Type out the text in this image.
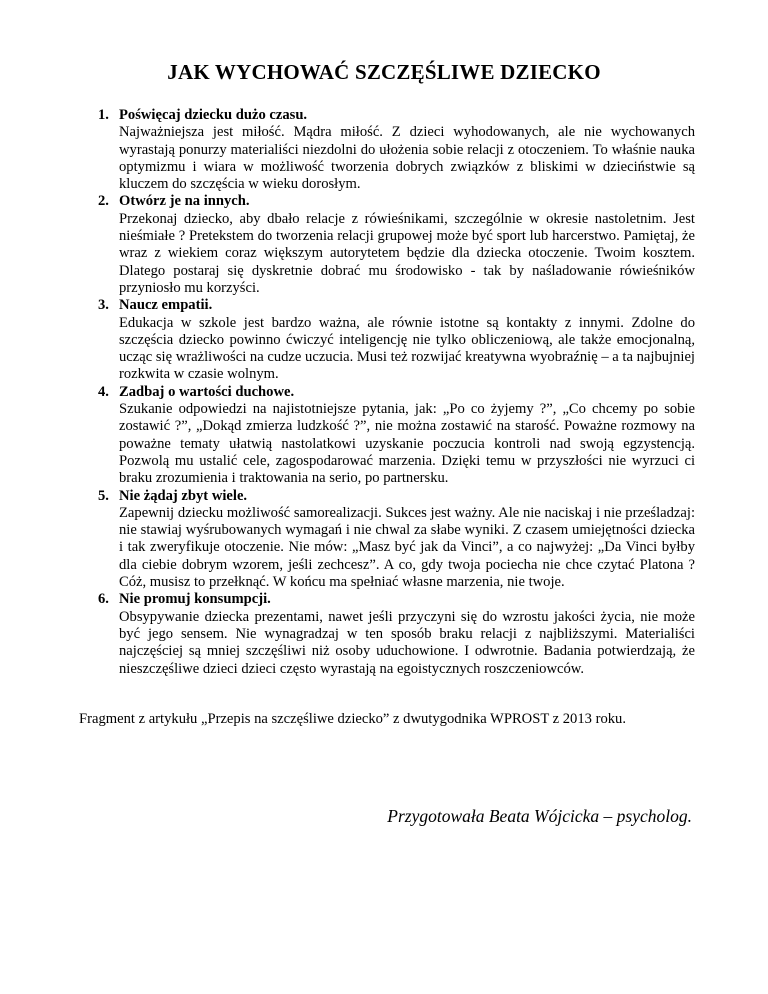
JAK WYCHOWAĆ SZCZĘŚLIWE DZIECKO
1. Poświęcaj dziecku dużo czasu.
Najważniejsza jest miłość. Mądra miłość. Z dzieci wyhodowanych, ale nie wychowanych wyrastają ponurzy materialiści niezdolni do ułożenia sobie relacji z otoczeniem. To właśnie nauka optymizmu i wiara w możliwość tworzenia dobrych związków z bliskimi w dzieciństwie są kluczem do szczęścia w wieku dorosłym.
2. Otwórz je na innych.
Przekonaj dziecko, aby dbało relacje z rówieśnikami, szczególnie w okresie nastoletnim. Jest nieśmiałe ? Pretekstem do tworzenia relacji grupowej może być sport lub harcerstwo. Pamiętaj, że wraz z wiekiem coraz większym autorytetem będzie dla dziecka otoczenie. Twoim kosztem. Dlatego postaraj się dyskretnie dobrać mu środowisko - tak by naśladowanie rówieśników przyniosło mu korzyści.
3. Naucz empatii.
Edukacja w szkole jest bardzo ważna, ale równie istotne są kontakty z innymi. Zdolne do szczęścia dziecko powinno ćwiczyć inteligencję nie tylko obliczeniową, ale także emocjonalną, ucząc się wrażliwości na cudze uczucia. Musi też rozwijać kreatywna wyobraźnię – a ta najbujniej rozkwita w czasie wolnym.
4. Zadbaj o wartości duchowe.
Szukanie odpowiedzi na najistotniejsze pytania, jak: „Po co żyjemy ?”, „Co chcemy po sobie zostawić ?”, „Dokąd zmierza ludzkość ?”, nie można zostawić na starość. Poważne rozmowy na poważne tematy ułatwią nastolatkowi uzyskanie poczucia kontroli nad swoją egzystencją. Pozwolą mu ustalić cele, zagospodarować marzenia. Dzięki temu w przyszłości nie wyrzuci ci braku zrozumienia i traktowania na serio, po partnersku.
5. Nie żądaj zbyt wiele.
Zapewnij dziecku możliwość samorealizacji. Sukces jest ważny. Ale nie naciskaj i nie prześladzaj: nie stawiaj wyśrubowanych wymagań i nie chwal za słabe wyniki. Z czasem umiejętności dziecka i tak zweryfikuje otoczenie. Nie mów: „Masz być jak da Vinci”, a co najwyżej: „Da Vinci byłby dla ciebie dobrym wzorem, jeśli zechcesz”. A co, gdy twoja pociecha nie chce czytać Platona ? Cóż, musisz to przełknąć. W końcu ma spełniać własne marzenia, nie twoje.
6. Nie promuj konsumpcji.
Obsypywanie dziecka prezentami, nawet jeśli przyczyni się do wzrostu jakości życia, nie może być jego sensem. Nie wynagradzaj w ten sposób braku relacji z najbliższymi. Materialiści najczęściej są mniej szczęśliwi niż osoby uduchowione. I odwrotnie. Badania potwierdzają, że nieszczęśliwe dzieci dzieci często wyrastają na egoistycznych roszczeniowców.

Fragment z artykułu „Przepis na szczęśliwe dziecko” z dwutygodnika WPROST z 2013 roku.

Przygotowała Beata Wójcicka – psycholog.
